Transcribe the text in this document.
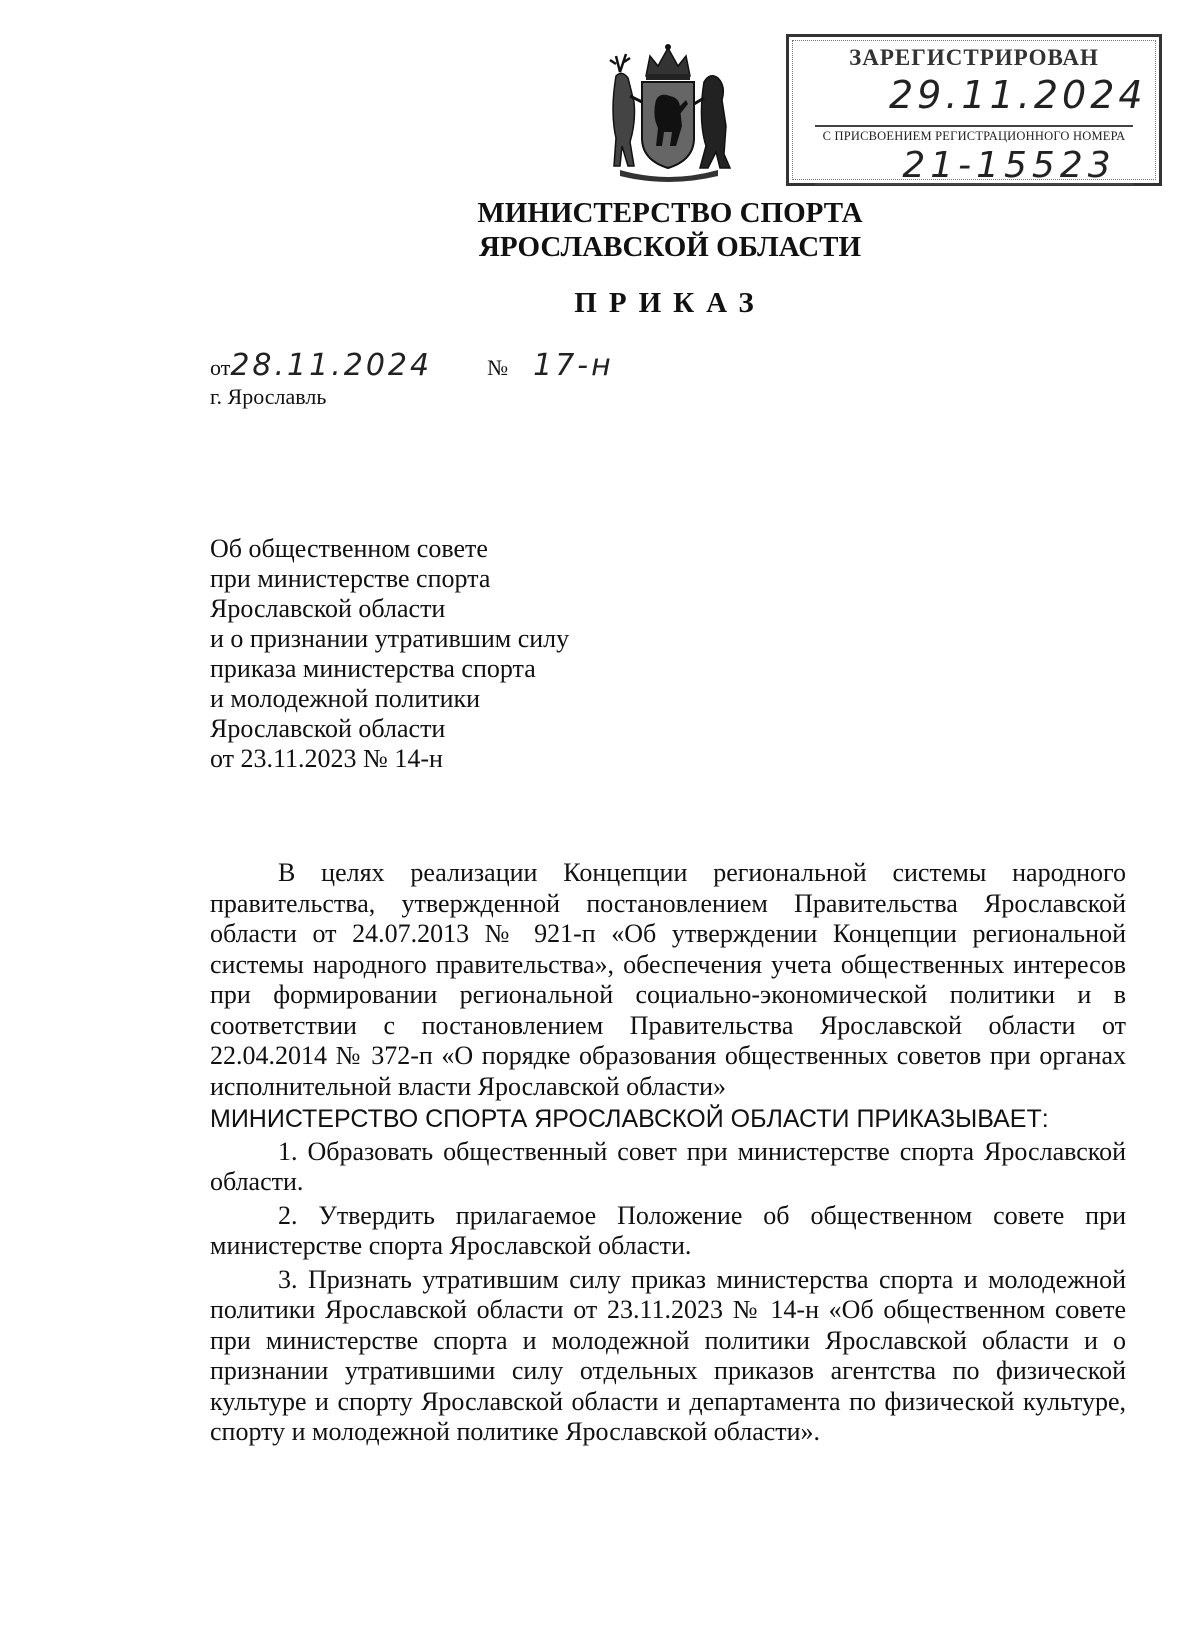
ЗАРЕГИСТРИРОВАН
29.11.2024
С ПРИСВОЕНИЕМ РЕГИСТРАЦИОННОГО НОМЕРА
21-15523
МИНИСТЕРСТВО СПОРТА
ЯРОСЛАВСКОЙ ОБЛАСТИ
ПРИКАЗ
от28.11.2024	№ 17-н
г. Ярославль
Об общественном совете
при министерстве спорта
Ярославской области
и о признании утратившим силу
приказа министерства спорта
и молодежной политики
Ярославской области
от 23.11.2023 № 14-н

В целях реализации Концепции региональной системы народного правительства, утвержденной постановлением Правительства Ярославской области от 24.07.2013 № 921-п «Об утверждении Концепции региональной системы народного правительства», обеспечения учета общественных интересов при формировании региональной социально-экономической политики и в соответствии с постановлением Правительства Ярославской области от 22.04.2014 № 372-п «О порядке образования общественных советов при органах исполнительной власти Ярославской области»

МИНИСТЕРСТВО СПОРТА ЯРОСЛАВСКОЙ ОБЛАСТИ ПРИКАЗЫВАЕТ:

1. Образовать общественный совет при министерстве спорта Ярославской области.

2. Утвердить прилагаемое Положение об общественном совете при министерстве спорта Ярославской области.

3. Признать утратившим силу приказ министерства спорта и молодежной политики Ярославской области от 23.11.2023 № 14-н «Об общественном совете при министерстве спорта и молодежной политики Ярославской области и о признании утратившими силу отдельных приказов агентства по физической культуре и спорту Ярославской области и департамента по физической культуре, спорту и молодежной политике Ярославской области».
